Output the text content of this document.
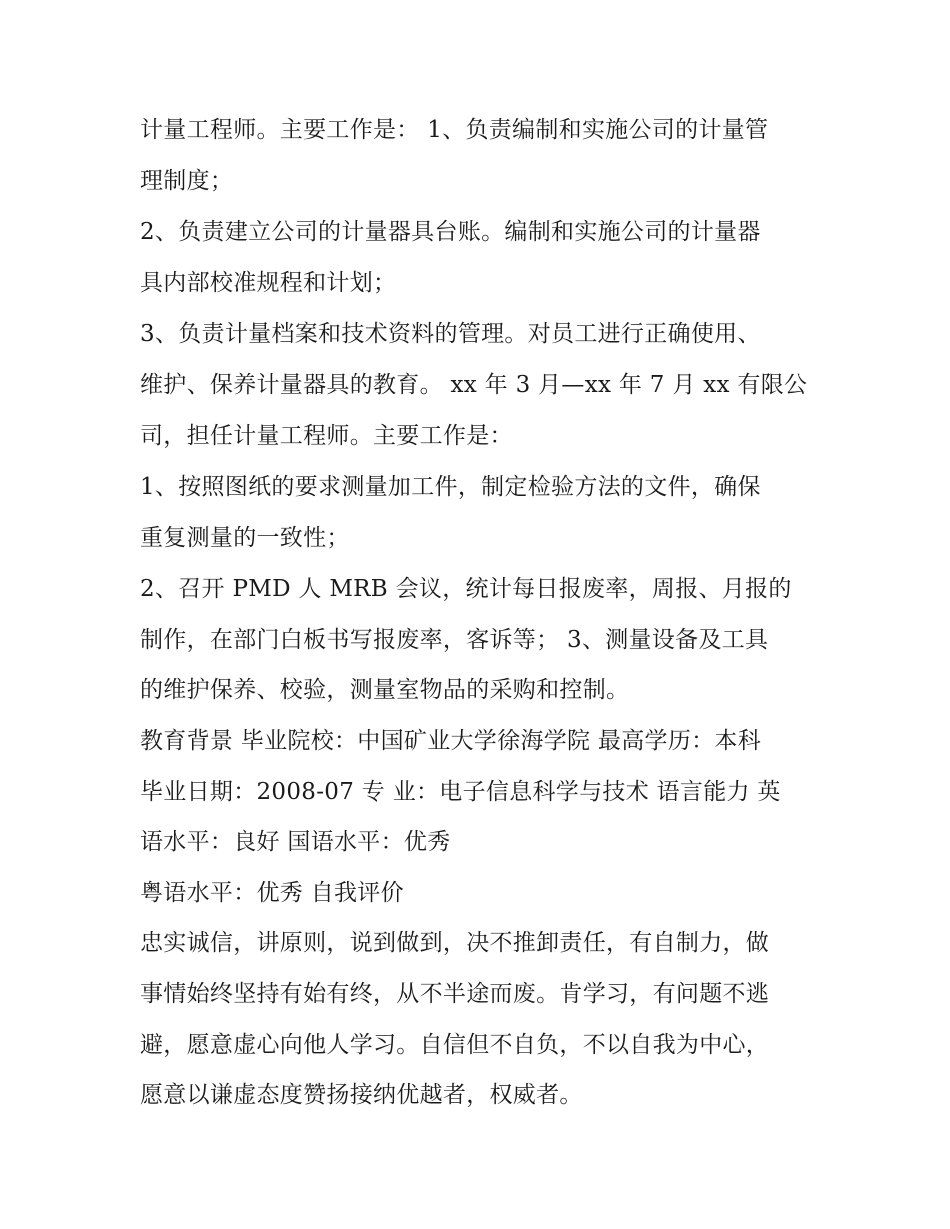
计量工程师。主要工作是： 1、负责编制和实施公司的计量管
理制度；
2、负责建立公司的计量器具台账。编制和实施公司的计量器
具内部校准规程和计划；
3、负责计量档案和技术资料的管理。对员工进行正确使用、
维护、保养计量器具的教育。 xx 年 3 月—xx 年 7 月 xx 有限公
司，担任计量工程师。主要工作是：
1、按照图纸的要求测量加工件，制定检验方法的文件，确保
重复测量的一致性；
2、召开 PMD 人 MRB 会议，统计每日报废率，周报、月报的
制作，在部门白板书写报废率，客诉等； 3、测量设备及工具
的维护保养、校验，测量室物品的采购和控制。
教育背景 毕业院校：中国矿业大学徐海学院 最高学历：本科
毕业日期：2008-07 专 业：电子信息科学与技术 语言能力 英
语水平：良好 国语水平：优秀
粤语水平：优秀 自我评价
忠实诚信，讲原则，说到做到，决不推卸责任，有自制力，做
事情始终坚持有始有终，从不半途而废。肯学习，有问题不逃
避，愿意虚心向他人学习。自信但不自负，不以自我为中心，
愿意以谦虚态度赞扬接纳优越者，权威者。
